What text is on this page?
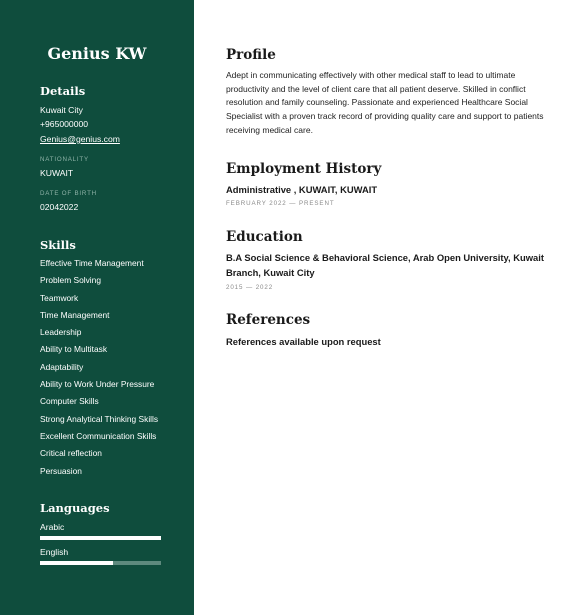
Genius KW
Details
Kuwait City
+965000000
Genius@genius.com
NATIONALITY
KUWAIT
DATE OF BIRTH
02042022
Skills
Effective Time Management
Problem Solving
Teamwork
Time Management
Leadership
Ability to Multitask
Adaptability
Ability to Work Under Pressure
Computer Skills
Strong Analytical Thinking Skills
Excellent Communication Skills
Critical reflection
Persuasion
Languages
Arabic
English
Profile
Adept in communicating effectively with other medical staff to lead to ultimate productivity and the level of client care that all patient deserve. Skilled in conflict resolution and family counseling. Passionate and experienced Healthcare Social Specialist with a proven track record of providing quality care and support to patients receiving medical care.
Employment History
Administrative , KUWAIT, KUWAIT
FEBRUARY 2022 — PRESENT
Education
B.A Social Science & Behavioral Science, Arab Open University, Kuwait Branch, Kuwait City
2015 — 2022
References
References available upon request
